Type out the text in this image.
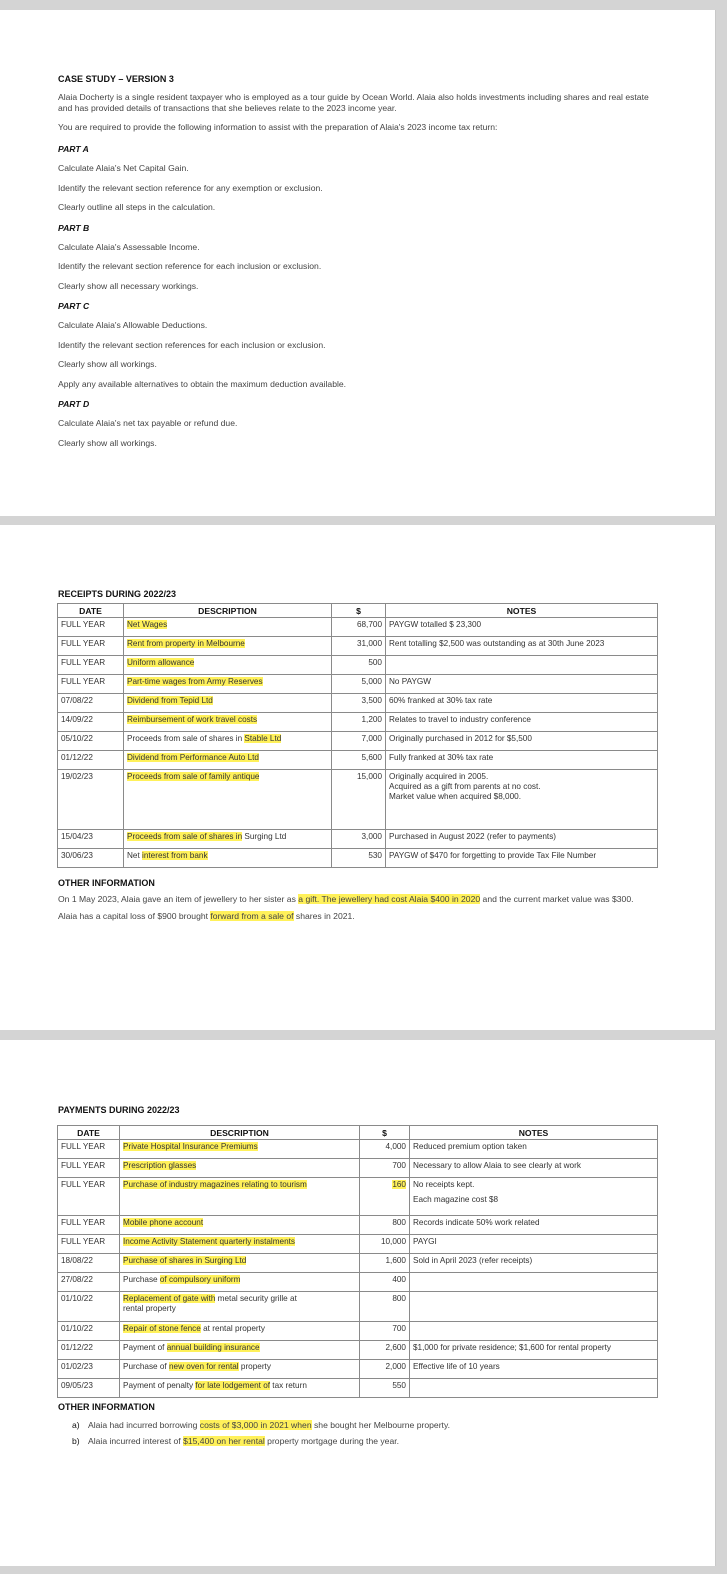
CASE STUDY – VERSION 3
Alaia Docherty is a single resident taxpayer who is employed as a tour guide by Ocean World. Alaia also holds investments including shares and real estate and has provided details of transactions that she believes relate to the 2023 income year.
You are required to provide the following information to assist with the preparation of Alaia's 2023 income tax return:
PART A
Calculate Alaia's Net Capital Gain.
Identify the relevant section reference for any exemption or exclusion.
Clearly outline all steps in the calculation.
PART B
Calculate Alaia's Assessable Income.
Identify the relevant section reference for each inclusion or exclusion.
Clearly show all necessary workings.
PART C
Calculate Alaia's Allowable Deductions.
Identify the relevant section references for each inclusion or exclusion.
Clearly show all workings.
Apply any available alternatives to obtain the maximum deduction available.
PART D
Calculate Alaia's net tax payable or refund due.
Clearly show all workings.
RECEIPTS DURING 2022/23
DATE	DESCRIPTION	$	NOTES
FULL YEAR	Net Wages	68,700	PAYGW totalled $ 23,300

FULL YEAR	Rent from property in Melbourne	31,000	Rent totalling $2,500 was outstanding as at 30th June 2023

FULL YEAR	Uniform allowance	500	
FULL YEAR	Part-time wages from Army Reserves	5,000	No PAYGW

07/08/22	Dividend from Tepid Ltd	3,500	60% franked at 30% tax rate

14/09/22	Reimbursement of work travel costs	1,200	Relates to travel to industry conference

05/10/22	Proceeds from sale of shares in Stable Ltd	7,000	Originally purchased in 2012 for $5,500

01/12/22	Dividend from Performance Auto Ltd	5,600	Fully franked at 30% tax rate

19/02/23	Proceeds from sale of family antique	15,000	Originally acquired in 2005.
Acquired as a gift from parents at no cost.
Market value when acquired $8,000.

15/04/23	Proceeds from sale of shares in Surging Ltd	3,000	Purchased in August 2022 (refer to payments)

30/06/23	Net interest from bank	530	PAYGW of $470 for forgetting to provide Tax File Number
OTHER INFORMATION
On 1 May 2023, Alaia gave an item of jewellery to her sister as a gift. The jewellery had cost Alaia $400 in 2020 and the current market value was $300.
Alaia has a capital loss of $900 brought forward from a sale of shares in 2021.
PAYMENTS DURING 2022/23
DATE	DESCRIPTION	$	NOTES
FULL YEAR	Private Hospital Insurance Premiums	4,000	Reduced premium option taken

FULL YEAR	Prescription glasses	700	Necessary to allow Alaia to see clearly at work

FULL YEAR	Purchase of industry magazines relating to tourism	160	No receipts kept.
Each magazine cost $8

FULL YEAR	Mobile phone account	800	Records indicate 50% work related

FULL YEAR	Income Activity Statement quarterly instalments	10,000	PAYGI

18/08/22	Purchase of shares in Surging Ltd	1,600	Sold in April 2023 (refer receipts)

27/08/22	Purchase of compulsory uniform	400	
01/10/22	Replacement of gate with metal security grille at
rental property	800	
01/10/22	Repair of stone fence at rental property	700	
01/12/22	Payment of annual building insurance	2,600	$1,000 for private residence; $1,600 for rental property

01/02/23	Purchase of new oven for rental property	2,000	Effective life of 10 years

09/05/23	Payment of penalty for late lodgement of tax return	550	
OTHER INFORMATION
a) Alaia had incurred borrowing costs of $3,000 in 2021 when she bought her Melbourne property.
b) Alaia incurred interest of $15,400 on her rental property mortgage during the year.
